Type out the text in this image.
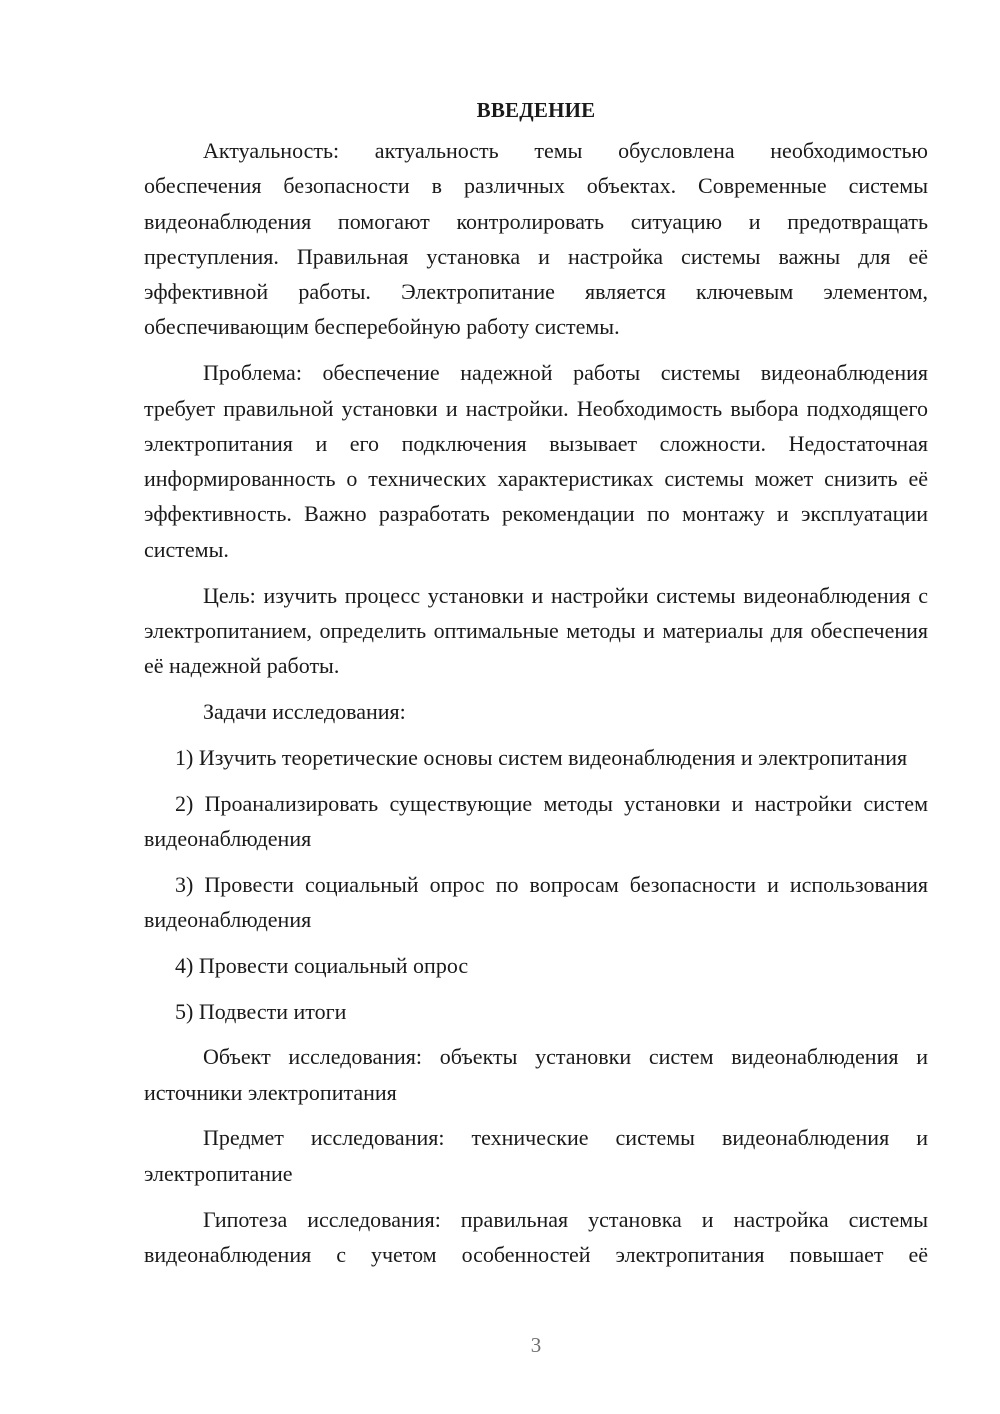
ВВЕДЕНИЕ

Актуальность: актуальность темы обусловлена необходимостью обеспечения безопасности в различных объектах. Современные системы видеонаблюдения помогают контролировать ситуацию и предотвращать преступления. Правильная установка и настройка системы важны для её эффективной работы. Электропитание является ключевым элементом, обеспечивающим бесперебойную работу системы.

Проблема: обеспечение надежной работы системы видеонаблюдения требует правильной установки и настройки. Необходимость выбора подходящего электропитания и его подключения вызывает сложности. Недостаточная информированность о технических характеристиках системы может снизить её эффективность. Важно разработать рекомендации по монтажу и эксплуатации системы.

Цель: изучить процесс установки и настройки системы видеонаблюдения с электропитанием, определить оптимальные методы и материалы для обеспечения её надежной работы.

Задачи исследования:

1) Изучить теоретические основы систем видеонаблюдения и электропитания

2) Проанализировать существующие методы установки и настройки систем видеонаблюдения

3) Провести социальный опрос по вопросам безопасности и использования видеонаблюдения

4) Провести социальный опрос

5) Подвести итоги

Объект исследования: объекты установки систем видеонаблюдения и источники электропитания

Предмет исследования: технические системы видеонаблюдения и электропитание

Гипотеза исследования: правильная установка и настройка системы видеонаблюдения с учетом особенностей электропитания повышает её

3
